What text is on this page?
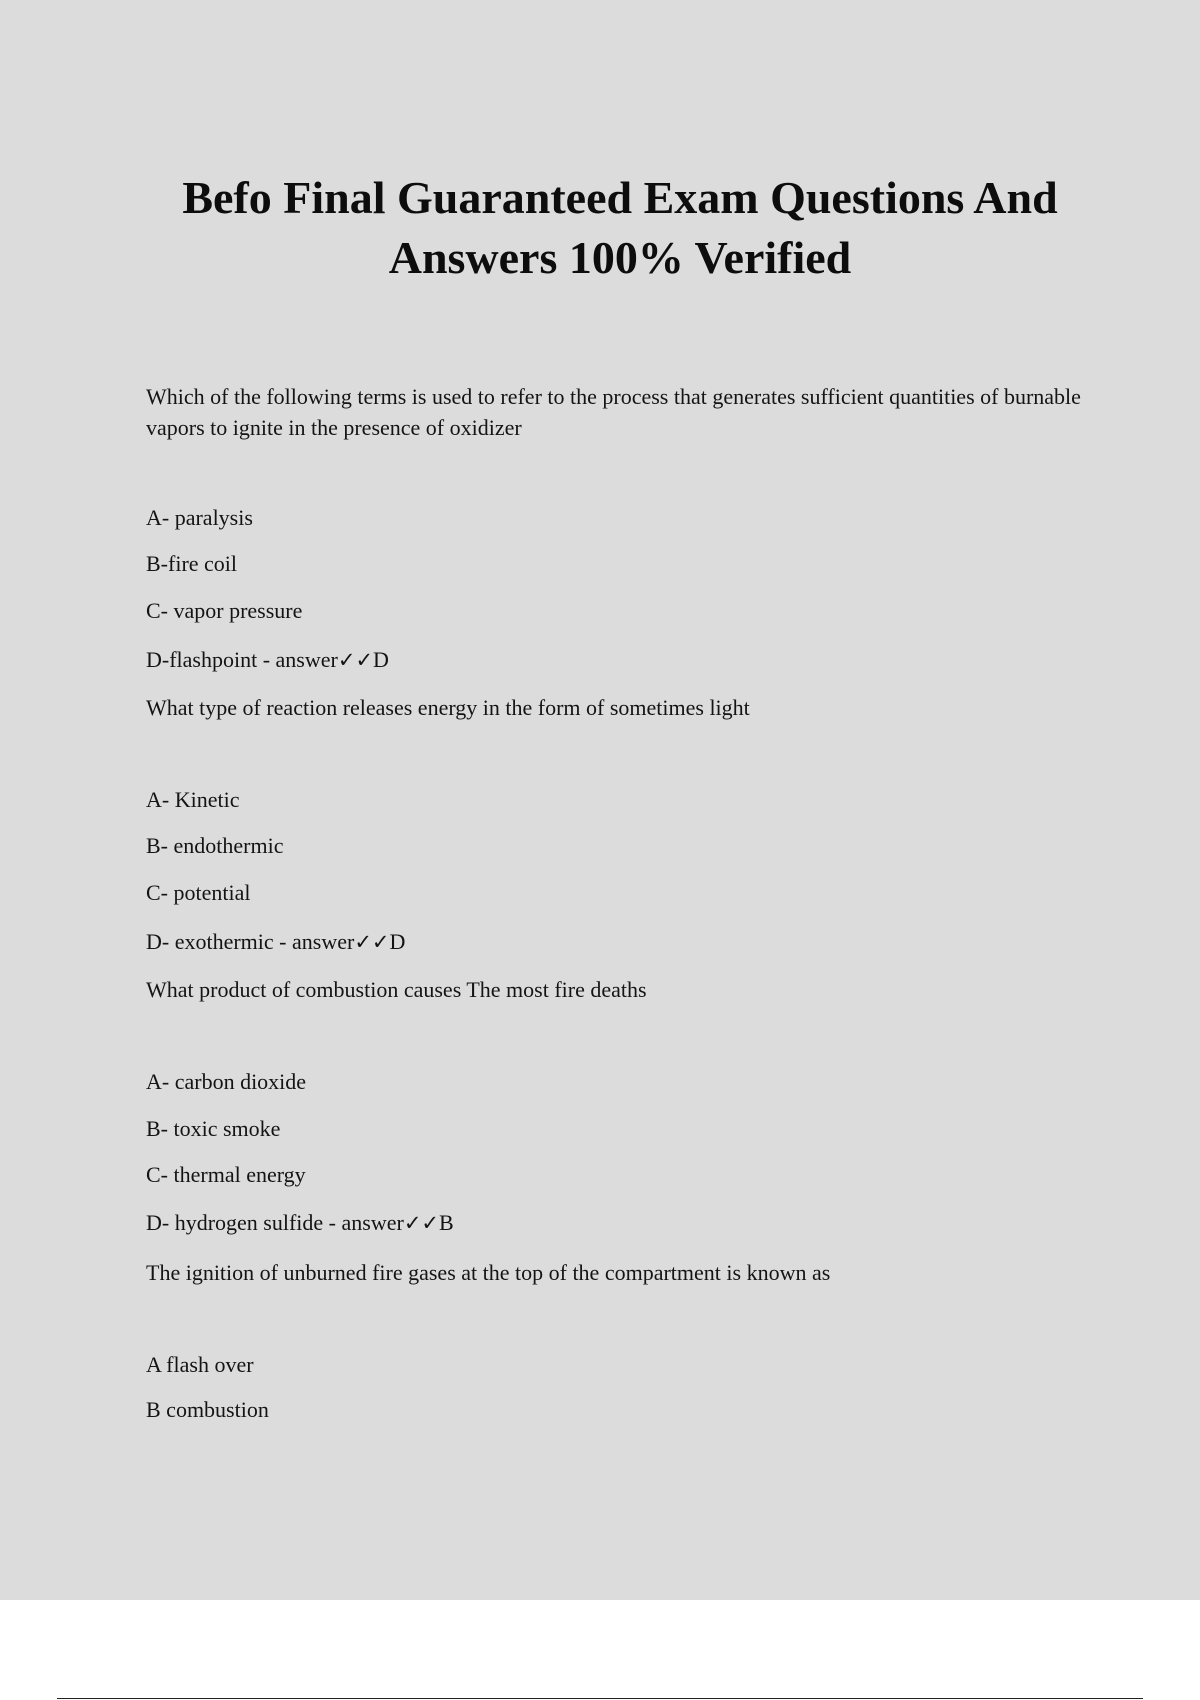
Befo Final Guaranteed Exam Questions And Answers 100% Verified
Which of the following terms is used to refer to the process that generates sufficient quantities of burnable vapors to ignite in the presence of oxidizer
A- paralysis
B-fire coil
C- vapor pressure
D-flashpoint - answer✓✓D
What type of reaction releases energy in the form of sometimes light
A- Kinetic
B- endothermic
C- potential
D- exothermic - answer✓✓D
What product of combustion causes The most fire deaths
A- carbon dioxide
B- toxic smoke
C- thermal energy
D- hydrogen sulfide - answer✓✓B
The ignition of unburned fire gases at the top of the compartment is known as
A flash over
B combustion
